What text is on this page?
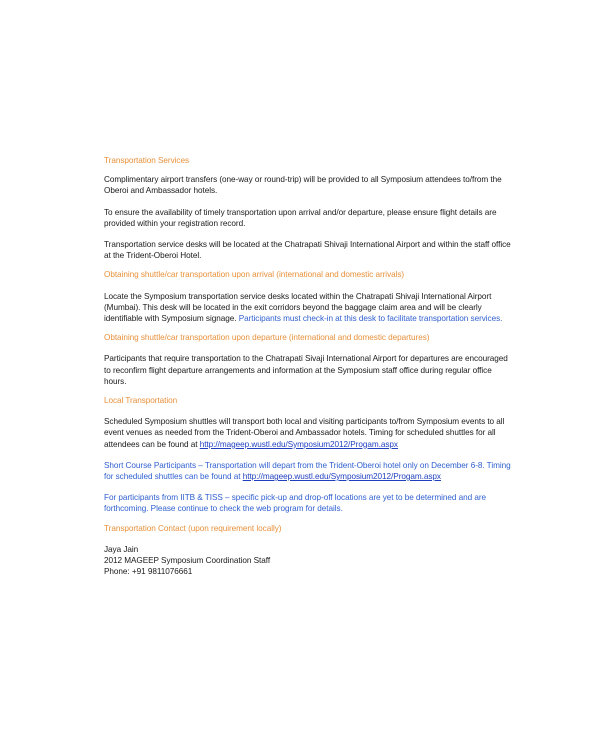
Transportation Services

Complimentary airport transfers (one-way or round-trip) will be provided to all Symposium attendees to/from the Oberoi and Ambassador hotels.

To ensure the availability of timely transportation upon arrival and/or departure, please ensure flight details are provided within your registration record.

Transportation service desks will be located at the Chatrapati Shivaji International Airport and within the staff office at the Trident-Oberoi Hotel.

Obtaining shuttle/car transportation upon arrival (international and domestic arrivals)

Locate the Symposium transportation service desks located within the Chatrapati Shivaji International Airport (Mumbai). This desk will be located in the exit corridors beyond the baggage claim area and will be clearly identifiable with Symposium signage. Participants must check-in at this desk to facilitate transportation services.

Obtaining shuttle/car transportation upon departure (international and domestic departures)

Participants that require transportation to the Chatrapati Sivaji International Airport for departures are encouraged to reconfirm flight departure arrangements and information at the Symposium staff office during regular office hours.

Local Transportation

Scheduled Symposium shuttles will transport both local and visiting participants to/from Symposium events to all event venues as needed from the Trident-Oberoi and Ambassador hotels. Timing for scheduled shuttles for all attendees can be found at http://mageep.wustl.edu/Symposium2012/Progam.aspx

Short Course Participants – Transportation will depart from the Trident-Oberoi hotel only on December 6-8. Timing for scheduled shuttles can be found at http://mageep.wustl.edu/Symposium2012/Progam.aspx

For participants from IITB & TISS – specific pick-up and drop-off locations are yet to be determined and are forthcoming. Please continue to check the web program for details.

Transportation Contact (upon requirement locally)

Jaya Jain

2012 MAGEEP Symposium Coordination Staff

Phone: +91 9811076661
